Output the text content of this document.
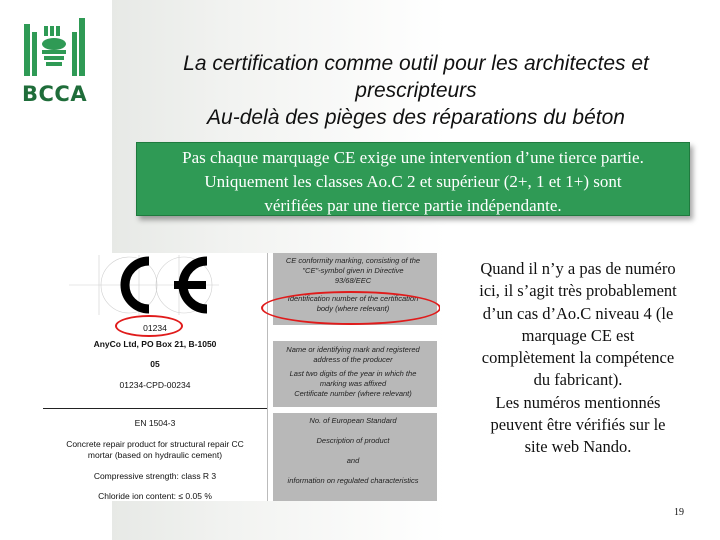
BCCA
La certification comme outil pour les architectes et
prescripteurs
Au-delà des pièges des réparations du béton
Pas chaque marquage CE exige une intervention d’une tierce partie.
Uniquement les classes Ao.C 2 et supérieur (2+, 1 et 1+) sont
vérifiées par une tierce partie indépendante.
01234
AnyCo Ltd, PO Box 21, B-1050
05
01234-CPD-00234
EN 1504-3
Concrete repair product for structural repair CC
mortar (based on hydraulic cement)
Compressive strength: class R 3
Chloride ion content: ≤ 0.05 %
CE conformity marking, consisting of the
"CE"-symbol given in Directive
93/68/EEC
Identification number of the certification
body (where relevant)
Name or identifying mark and registered
address of the producer
Last two digits of the year in which the
marking was affixed
Certificate number (where relevant)
No. of European Standard
Description of product
and
information on regulated characteristics
Quand il n’y a pas de numéro
ici, il s’agit très probablement
d’un cas d’Ao.C niveau 4 (le
marquage CE est
complètement la compétence
du fabricant).
Les numéros mentionnés
peuvent être vérifiés sur le
site web Nando.
19
